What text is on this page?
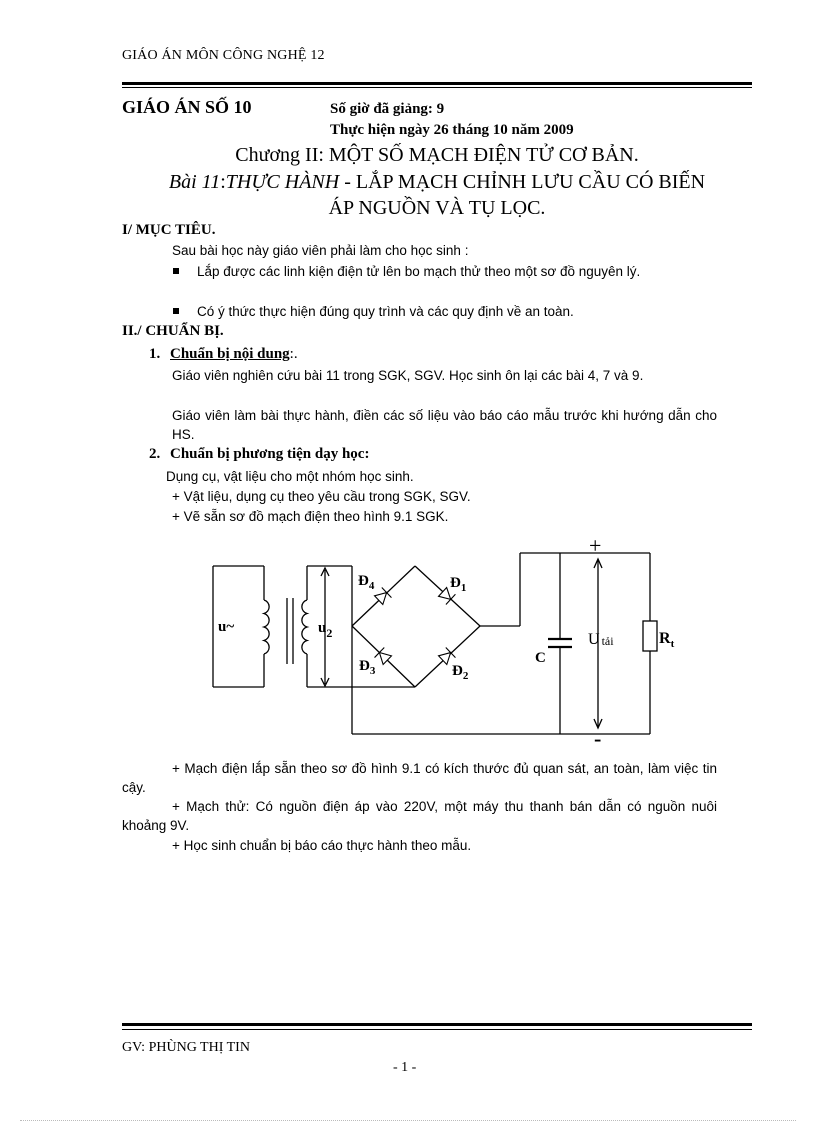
GIÁO ÁN MÔN CÔNG NGHỆ 12
GIÁO ÁN SỐ 10	Số giờ đã giảng: 9
Thực hiện ngày 26 tháng 10 năm 2009
Chương II: MỘT SỐ MẠCH ĐIỆN TỬ CƠ BẢN.
Bài 11:THỰC HÀNH - LẮP MẠCH CHỈNH LƯU CẦU CÓ BIẾN
ÁP NGUỒN VÀ TỤ LỌC.
I/ MỤC TIÊU.
Sau bài học này giáo viên phải làm cho học sinh :
Lắp được các linh kiện điện tử lên bo mạch thử theo một sơ đồ nguyên lý.
Có ý thức thực hiện đúng quy trình và các quy định về an toàn.
II./ CHUẨN BỊ.
1. Chuẩn bị nội dung:.
Giáo viên nghiên cứu bài 11 trong SGK, SGV. Học sinh ôn lại các bài 4, 7 và 9.
Giáo viên làm bài thực hành, điền các số liệu vào báo cáo mẫu trước khi hướng dẫn cho HS.
2. Chuẩn bị phương tiện dạy học:
Dụng cụ, vật liệu cho một nhóm học sinh.
+ Vật liệu, dụng cụ theo yêu cầu trong SGK, SGV.
+ Vẽ sẵn sơ đồ mạch điện theo hình 9.1 SGK.
u~	$u_2$
$Đ_4$	$Đ_1$
$Đ_3$	$Đ_2$
C
$R_t$
U tải
+
-
+ Mạch điện lắp sẵn theo sơ đồ hình 9.1 có kích thước đủ quan sát, an toàn, làm việc tin cậy.
+ Mạch thử: Có nguồn điện áp vào 220V, một máy thu thanh bán dẫn có nguồn nuôi khoảng 9V.
+ Học sinh chuẩn bị báo cáo thực hành theo mẫu.
GV: PHÙNG THỊ TIN
- 1 -
